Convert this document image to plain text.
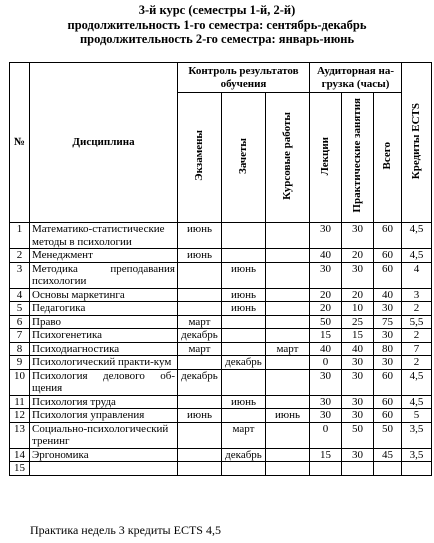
3-й курс (семестры 1-й, 2-й)
продолжительность 1-го семестра: сентябрь-декабрь
продолжительность 2-го семестра: январь-июнь
№	Дисциплина	Контроль результатов обучения			Аудиторная на-грузка (часы)			Кредиты ECTS
		Экзамены	Зачеты	Курсовые работы	Лекции	Практические занятия	Всего	
1	Математико-статистические методы в психологии	июнь			30	30	60	4,5
2	Менеджмент	июнь			40	20	60	4,5
3	Методика преподавания психологии		июнь		30	30	60	4
4	Основы маркетинга		июнь		20	20	40	3
5	Педагогика		июнь		20	10	30	2
6	Право	март			50	25	75	5,5
7	Психогенетика	декабрь			15	15	30	2
8	Психодиагностика	март		март	40	40	80	7
9	Психологический практи-кум		декабрь		0	30	30	2
10	Психология делового об-щения	декабрь			30	30	60	4,5
11	Психология труда		июнь		30	30	60	4,5
12	Психология управления	июнь		июнь	30	30	60	5
13	Социально-психологический тренинг		март		0	50	50	3,5
14	Эргономика		декабрь		15	30	45	3,5
15								
Практика недель 3 кредиты ECTS 4,5
